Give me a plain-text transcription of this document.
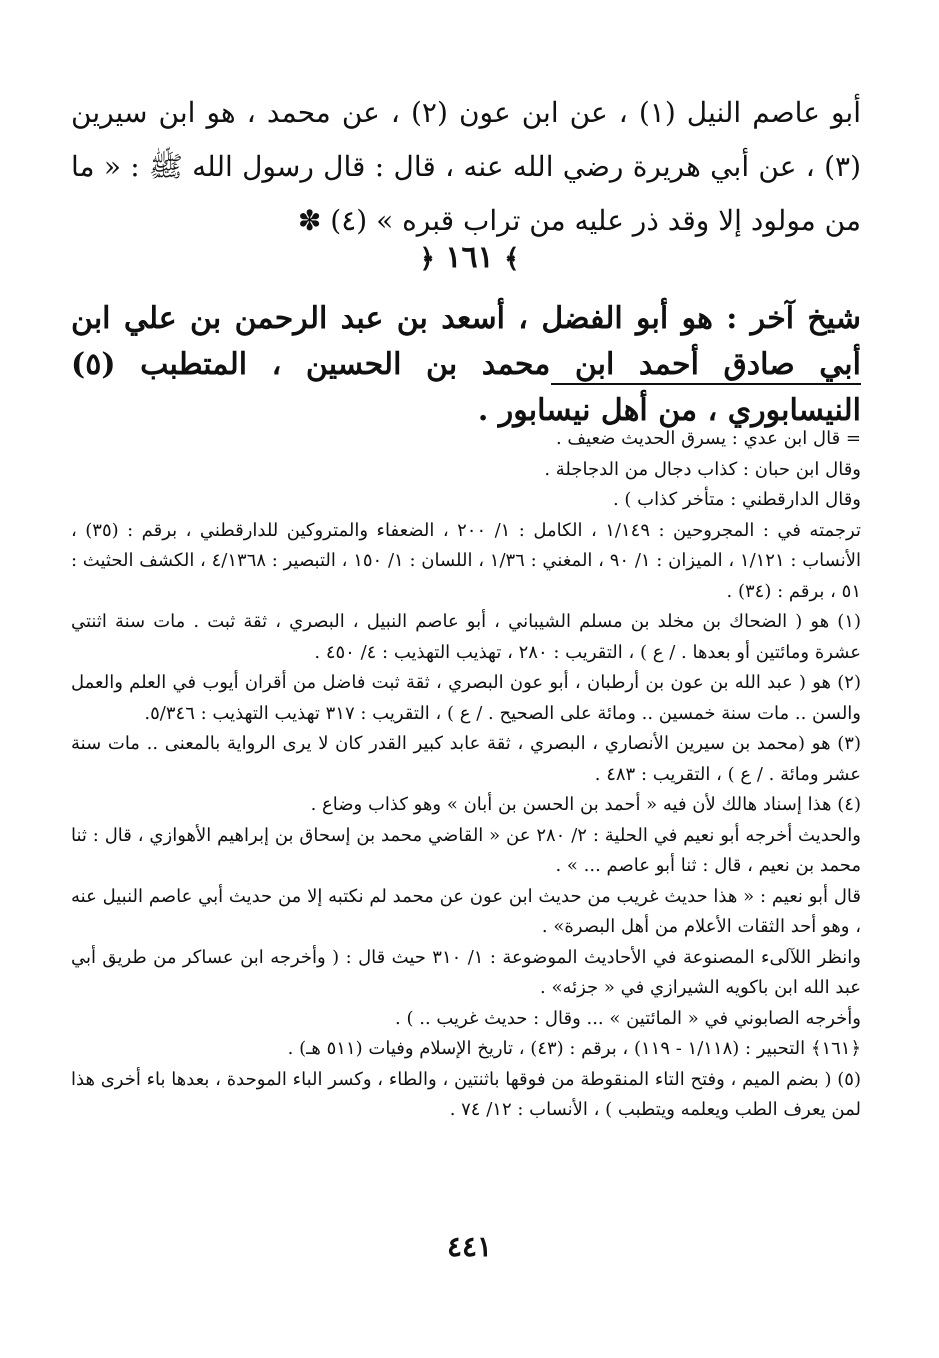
أبو عاصم النيل (١) ، عن ابن عون (٢) ، عن محمد ، هو ابن سيرين (٣) ، عن أبي هريرة رضي الله عنه ، قال : قال رسول الله ﷺ : « ما من مولود إلا وقد ذر عليه من تراب قبره » (٤) ✽

﴾ ١٦١ ﴿

شيخ آخر : هو أبو الفضل ، أسعد بن عبد الرحمن بن علي ابن أبي صادق أحمد ابن محمد بن الحسين ، المتطبب (٥) النيسابوري ، من أهل نيسابور .

= قال ابن عدي : يسرق الحديث ضعيف .

وقال ابن حبان : كذاب دجال من الدجاجلة .

وقال الدارقطني : متأخر كذاب ) .

ترجمته في : المجروحين : ١/١٤٩ ، الكامل : ١/ ٢٠٠ ، الضعفاء والمتروكين للدارقطني ، برقم : (٣٥) ، الأنساب : ١/١٢١ ، الميزان : ١/ ٩٠ ، المغني : ١/٣٦ ، اللسان : ١/ ١٥٠ ، التبصير : ٤/١٣٦٨ ، الكشف الحثيث : ٥١ ، برقم : (٣٤) .

(١) هو ( الضحاك بن مخلد بن مسلم الشيباني ، أبو عاصم النبيل ، البصري ، ثقة ثبت . مات سنة اثنتي عشرة ومائتين أو بعدها . / ع ) ، التقريب : ٢٨٠ ، تهذيب التهذيب : ٤/ ٤٥٠ .

(٢) هو ( عبد الله بن عون بن أرطبان ، أبو عون البصري ، ثقة ثبت فاضل من أقران أيوب في العلم والعمل والسن .. مات سنة خمسين .. ومائة على الصحيح . / ع ) ، التقريب : ٣١٧ تهذيب التهذيب : ٥/٣٤٦.

(٣) هو (محمد بن سيرين الأنصاري ، البصري ، ثقة عابد كبير القدر كان لا يرى الرواية بالمعنى .. مات سنة عشر ومائة . / ع ) ، التقريب : ٤٨٣ .

(٤) هذا إسناد هالك لأن فيه « أحمد بن الحسن بن أبان » وهو كذاب وضاع .

والحديث أخرجه أبو نعيم في الحلية : ٢/ ٢٨٠ عن « القاضي محمد بن إسحاق بن إبراهيم الأهوازي ، قال : ثنا محمد بن نعيم ، قال : ثنا أبو عاصم ... » .

قال أبو نعيم : « هذا حديث غريب من حديث ابن عون عن محمد لم نكتبه إلا من حديث أبي عاصم النبيل عنه ، وهو أحد الثقات الأعلام من أهل البصرة» .

وانظر اللآلىء المصنوعة في الأحاديث الموضوعة : ١/ ٣١٠ حيث قال : ( وأخرجه ابن عساكر من طريق أبي عبد الله ابن باكويه الشيرازي في « جزئه» .

وأخرجه الصابوني في « المائتين » ... وقال : حديث غريب .. ) .

﴿١٦١﴾ التحبير : (١/١١٨ - ١١٩) ، برقم : (٤٣) ، تاريخ الإسلام وفيات (٥١١ هـ) .

(٥) ( بضم الميم ، وفتح التاء المنقوطة من فوقها باثنتين ، والطاء ، وكسر الباء الموحدة ، بعدها باء أخرى هذا لمن يعرف الطب ويعلمه ويتطبب ) ، الأنساب : ١٢/ ٧٤ .

٤٤١
